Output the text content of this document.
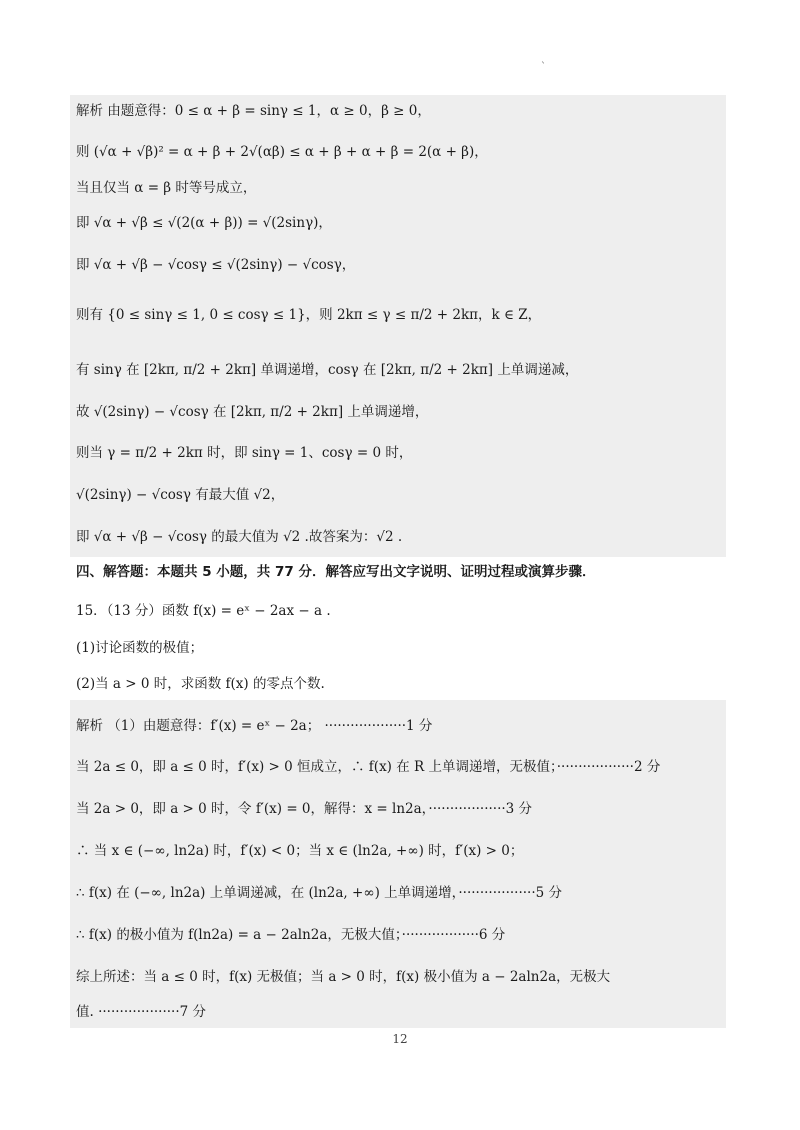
`
解析 由题意得：0 ≤ α + β = sinγ ≤ 1，α ≥ 0，β ≥ 0，
则 (√α + √β)² = α + β + 2√(αβ) ≤ α + β + α + β = 2(α + β)，
当且仅当 α = β 时等号成立，
即 √α + √β ≤ √(2(α + β)) = √(2sinγ)，
即 √α + √β − √cosγ ≤ √(2sinγ) − √cosγ，
则有 {0 ≤ sinγ ≤ 1, 0 ≤ cosγ ≤ 1}，则 2kπ ≤ γ ≤ π/2 + 2kπ，k ∈ Z，
有 sinγ 在 [2kπ, π/2 + 2kπ] 单调递增，cosγ 在 [2kπ, π/2 + 2kπ] 上单调递减，
故 √(2sinγ) − √cosγ 在 [2kπ, π/2 + 2kπ] 上单调递增，
则当 γ = π/2 + 2kπ 时，即 sinγ = 1、cosγ = 0 时，
√(2sinγ) − √cosγ 有最大值 √2，
即 √α + √β − √cosγ 的最大值为 √2 .故答案为：√2 .
四、解答题：本题共 5 小题，共 77 分．解答应写出文字说明、证明过程或演算步骤．
15．（13 分）函数 f(x) = eˣ − 2ax − a .
(1)讨论函数的极值；
(2)当 a > 0 时，求函数 f(x) 的零点个数.
解析 （1）由题意得：f′(x) = eˣ − 2a； ···················1 分
当 2a ≤ 0，即 a ≤ 0 时，f′(x) > 0 恒成立，∴ f(x) 在 R 上单调递增，无极值；··················2 分
当 2a > 0，即 a > 0 时，令 f′(x) = 0，解得：x = ln2a，··················3 分
∴ 当 x ∈ (−∞, ln2a) 时，f′(x) < 0；当 x ∈ (ln2a, +∞) 时，f′(x) > 0；
∴ f(x) 在 (−∞, ln2a) 上单调递减，在 (ln2a, +∞) 上单调递增，··················5 分
∴ f(x) 的极小值为 f(ln2a) = a − 2aln2a，无极大值；··················6 分
综上所述：当 a ≤ 0 时，f(x) 无极值；当 a > 0 时，f(x) 极小值为 a − 2aln2a，无极大
值. ···················7 分
12
